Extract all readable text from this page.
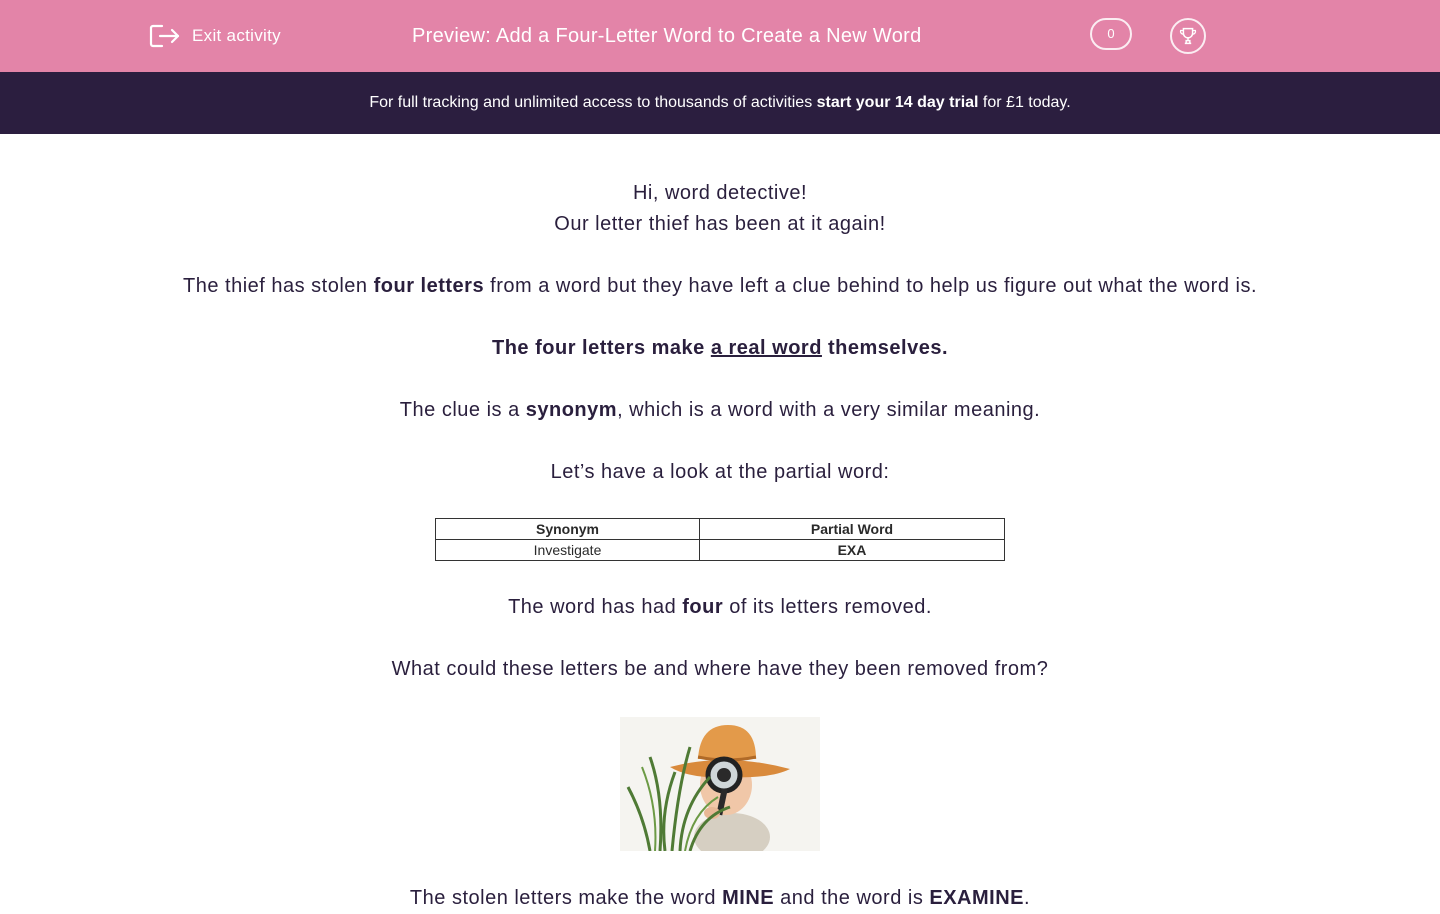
Exit activity	Preview: Add a Four-Letter Word to Create a New Word	0
For full tracking and unlimited access to thousands of activities start your 14 day trial for £1 today.

Hi, word detective!

Our letter thief has been at it again!

The thief has stolen four letters from a word but they have left a clue behind to help us figure out what the word is.

The four letters make a real word themselves.

The clue is a synonym, which is a word with a very similar meaning.

Let’s have a look at the partial word:

Synonym	Partial Word
Investigate	EXA

The word has had four of its letters removed.

What could these letters be and where have they been removed from?

The stolen letters make the word MINE and the word is EXAMINE.
